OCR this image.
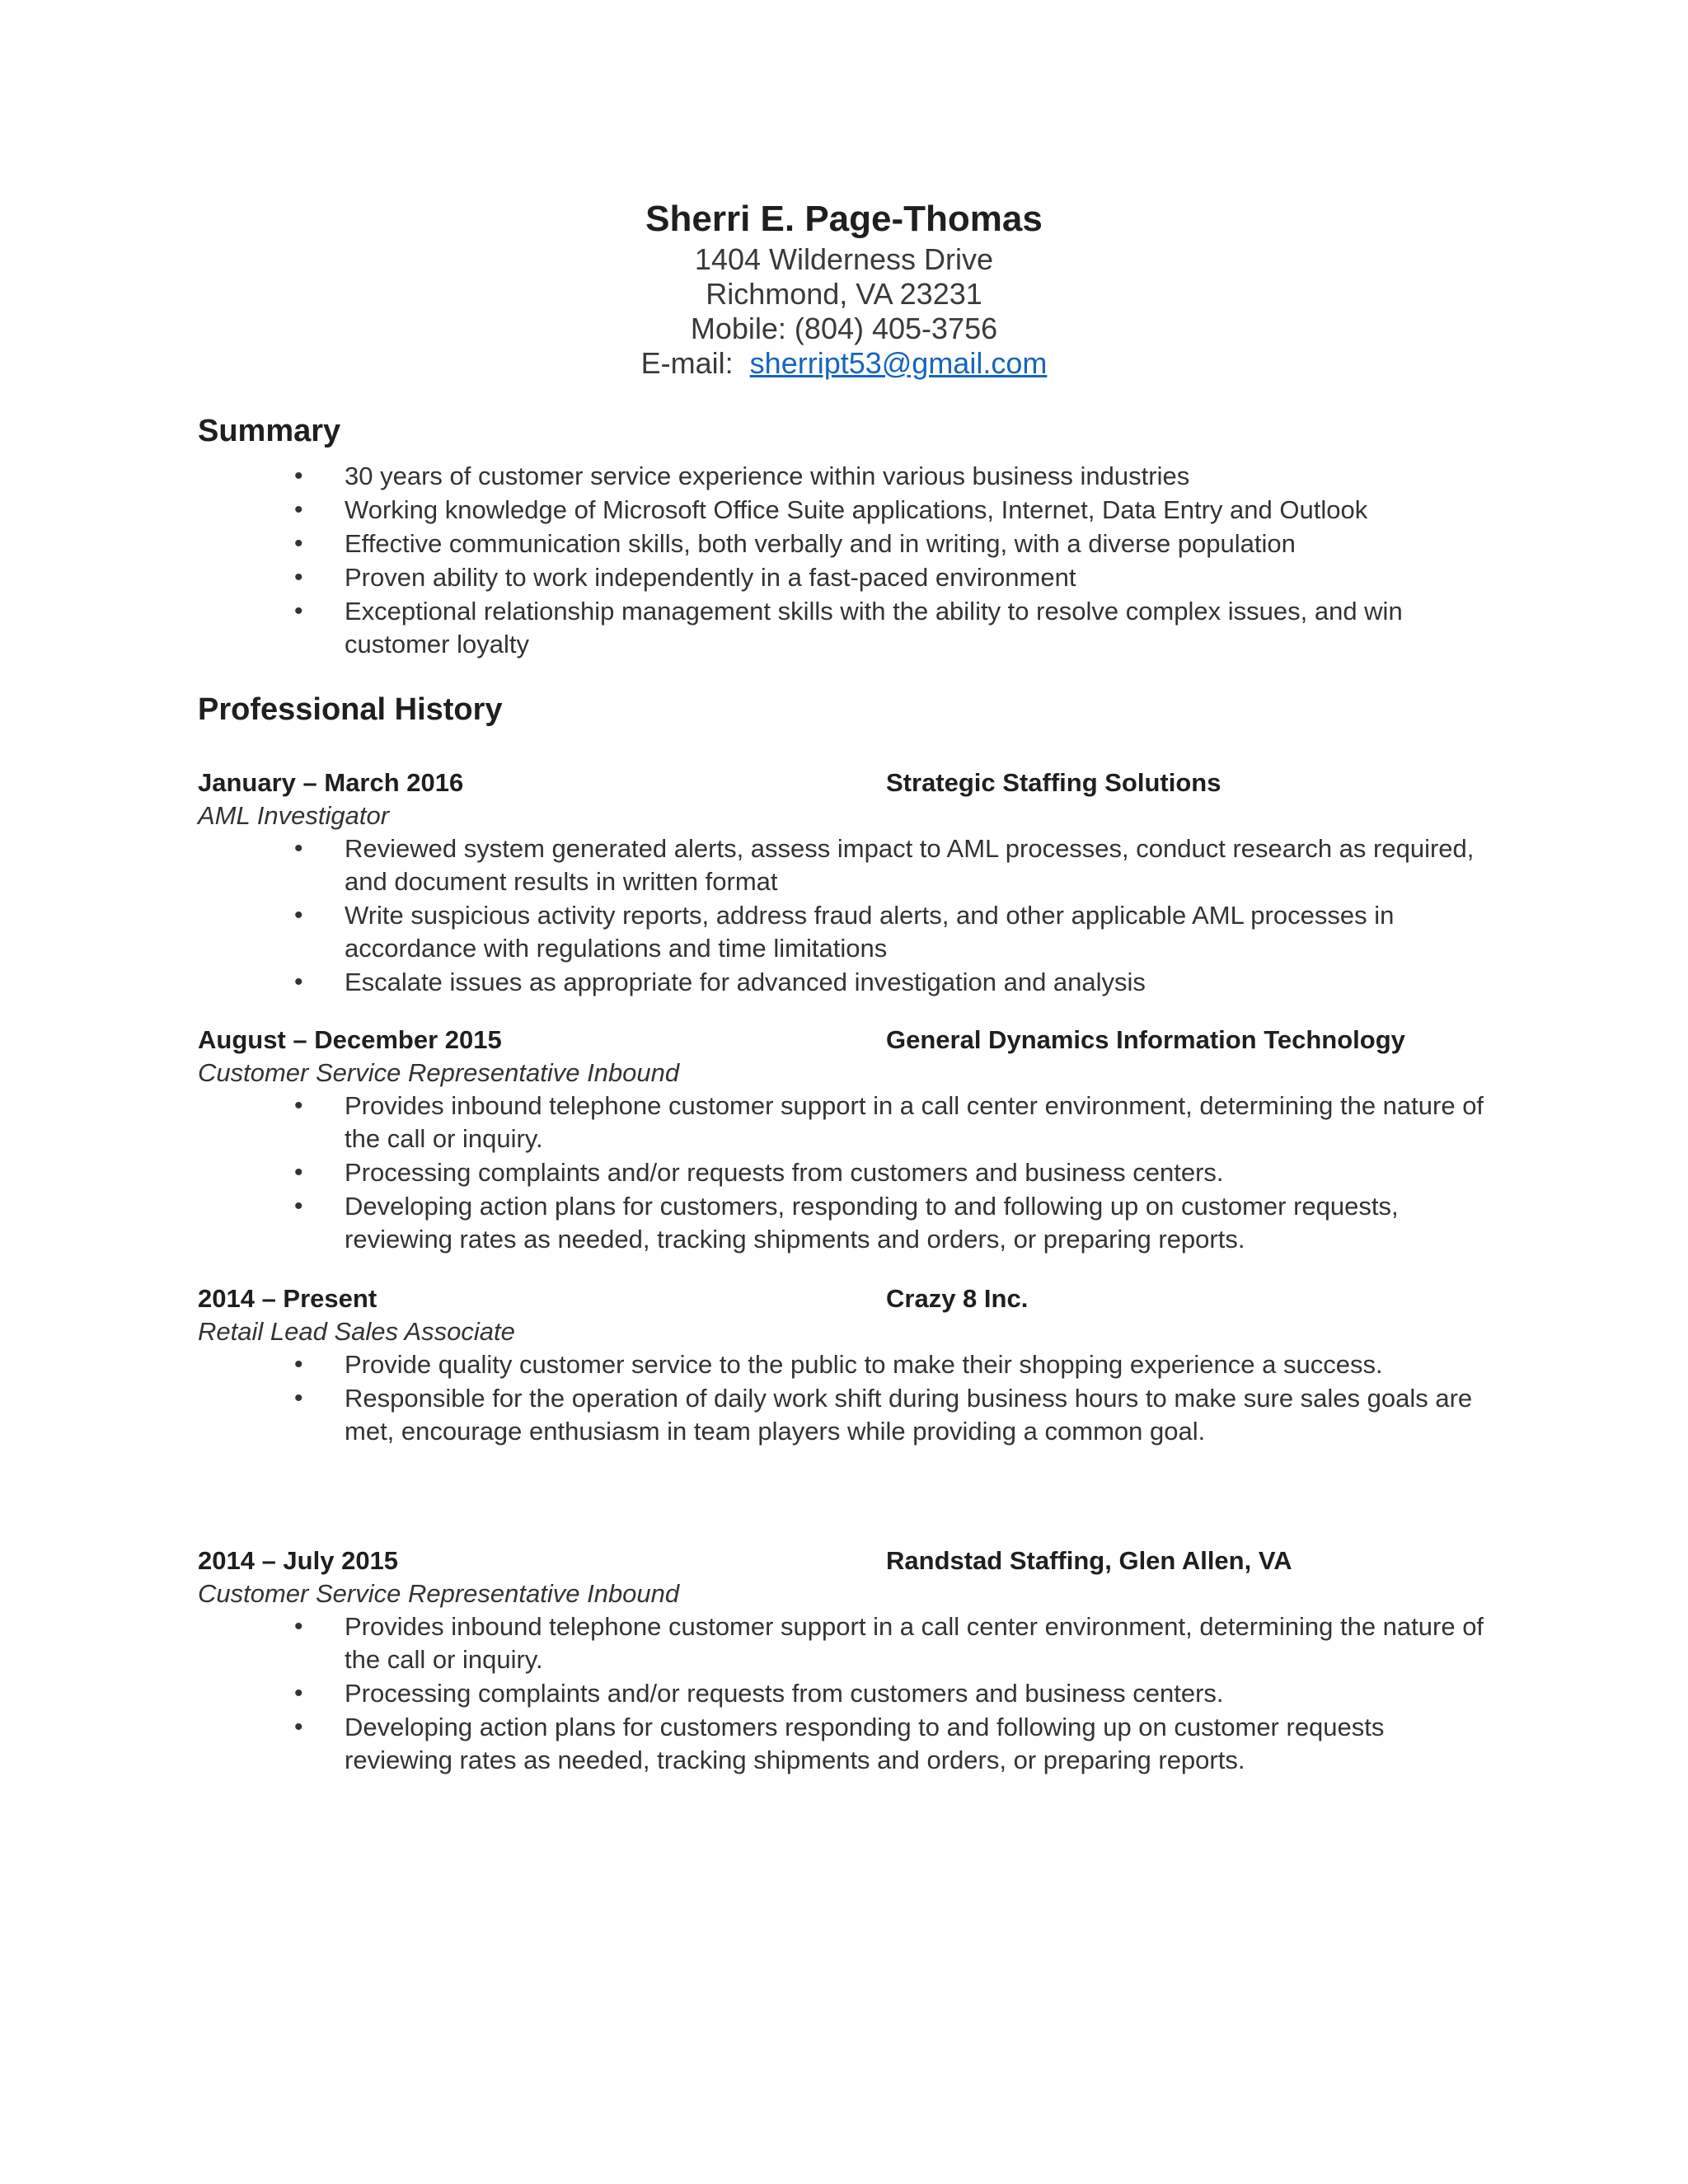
Sherri E. Page-Thomas
1404 Wilderness Drive
Richmond, VA 23231
Mobile: (804) 405-3756
E-mail: sherript53@gmail.com
Summary
• 30 years of customer service experience within various business industries
• Working knowledge of Microsoft Office Suite applications, Internet, Data Entry and Outlook
• Effective communication skills, both verbally and in writing, with a diverse population
• Proven ability to work independently in a fast-paced environment
• Exceptional relationship management skills with the ability to resolve complex issues, and win customer loyalty
Professional History
January – March 2016	Strategic Staffing Solutions
AML Investigator
• Reviewed system generated alerts, assess impact to AML processes, conduct research as required, and document results in written format
• Write suspicious activity reports, address fraud alerts, and other applicable AML processes in accordance with regulations and time limitations
• Escalate issues as appropriate for advanced investigation and analysis
August – December 2015	General Dynamics Information Technology
Customer Service Representative Inbound
• Provides inbound telephone customer support in a call center environment, determining the nature of the call or inquiry.
• Processing complaints and/or requests from customers and business centers.
• Developing action plans for customers, responding to and following up on customer requests, reviewing rates as needed, tracking shipments and orders, or preparing reports.
2014 – Present	Crazy 8 Inc.
Retail Lead Sales Associate
• Provide quality customer service to the public to make their shopping experience a success.
• Responsible for the operation of daily work shift during business hours to make sure sales goals are met, encourage enthusiasm in team players while providing a common goal.
2014 – July 2015	Randstad Staffing, Glen Allen, VA
Customer Service Representative Inbound
• Provides inbound telephone customer support in a call center environment, determining the nature of the call or inquiry.
• Processing complaints and/or requests from customers and business centers.
• Developing action plans for customers responding to and following up on customer requests reviewing rates as needed, tracking shipments and orders, or preparing reports.
